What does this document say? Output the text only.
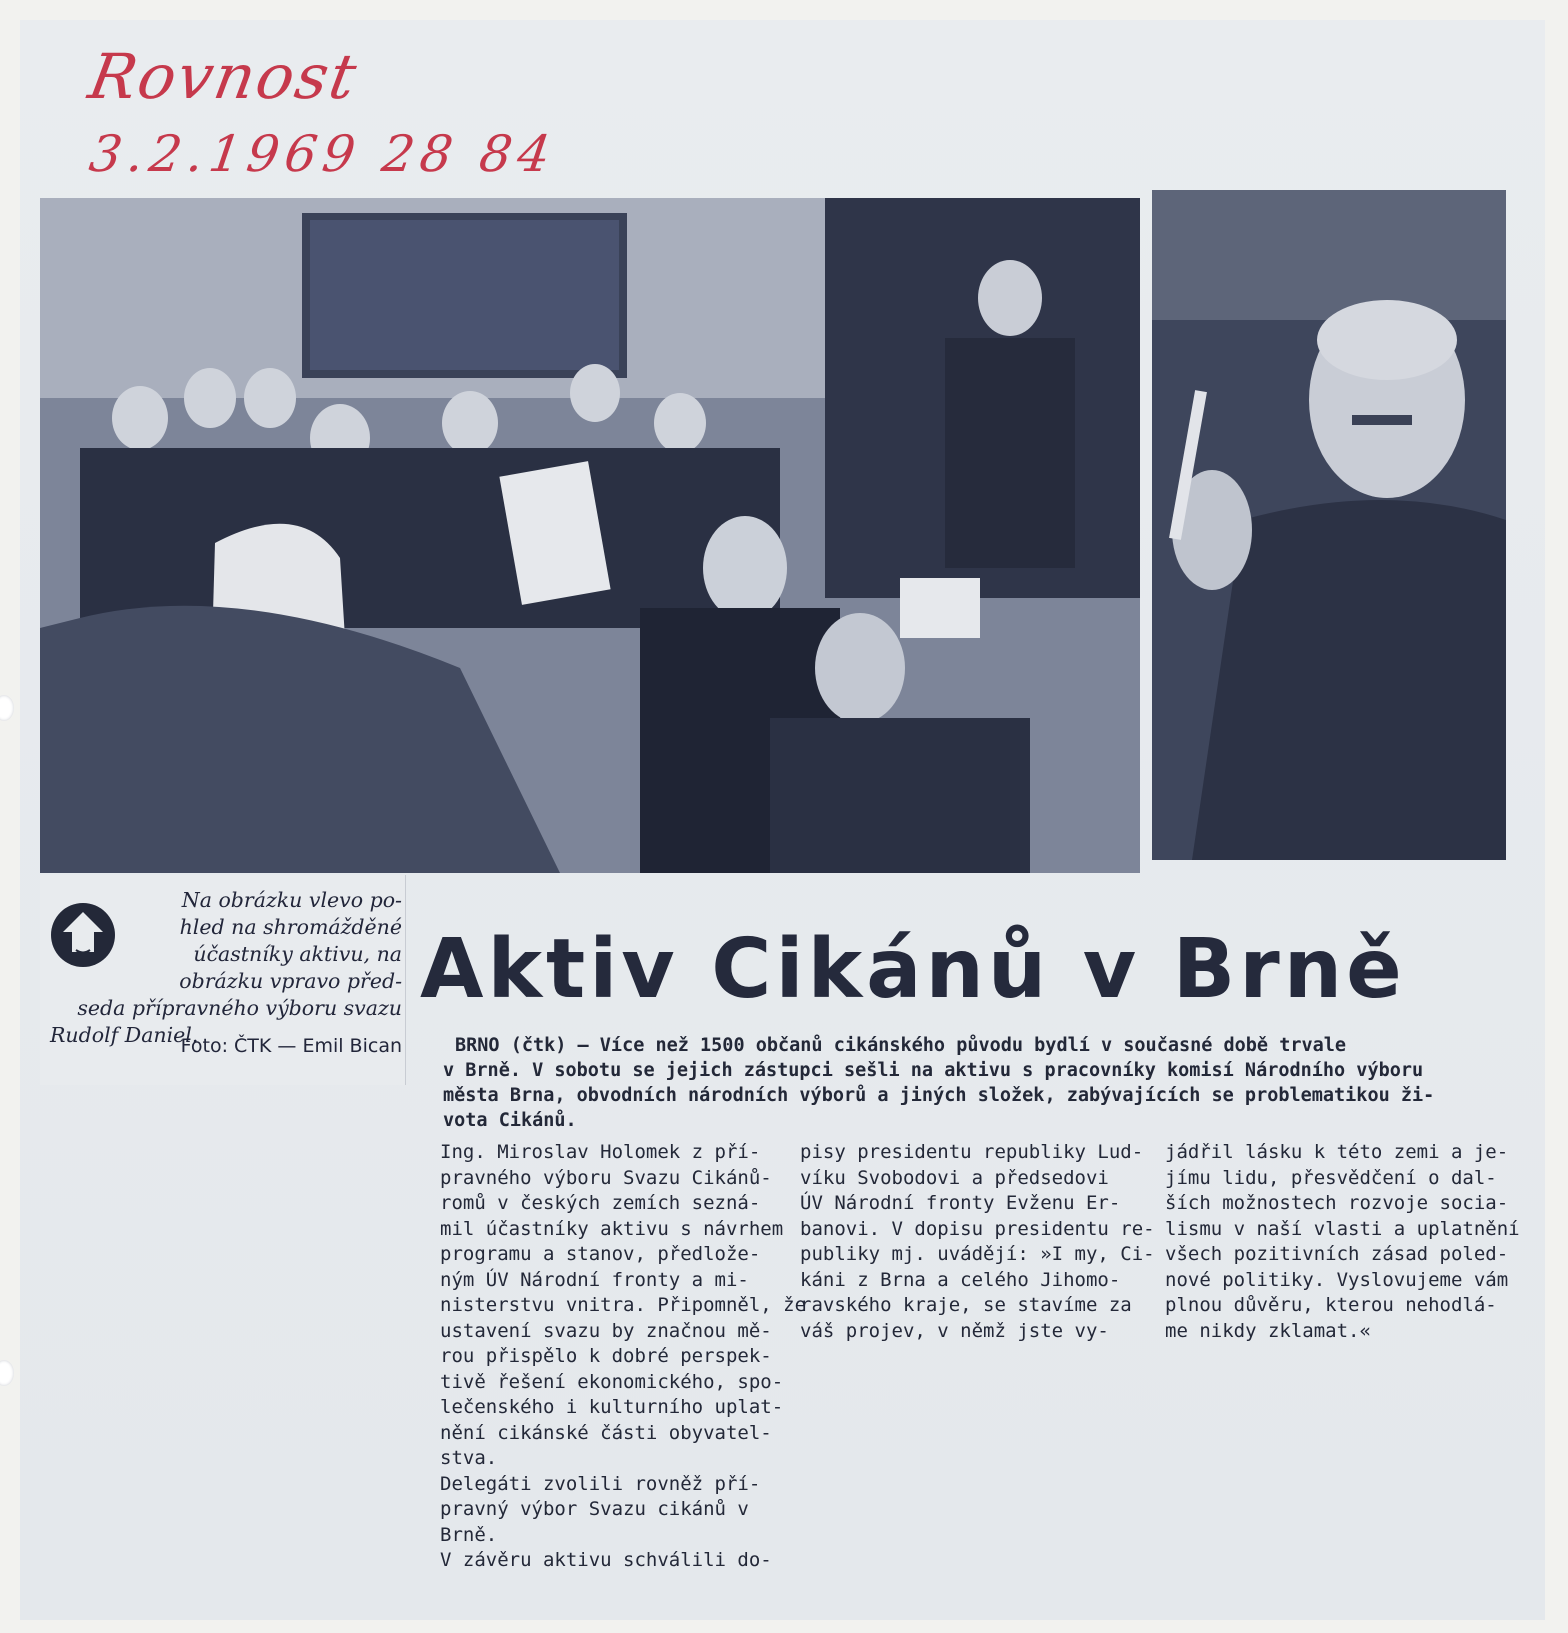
Rovnost
3.2.1969 28 84
Na obrázku vlevo po-
hled na shromážděné
účastníky aktivu, na
obrázku vpravo před-
seda přípravného výboru svazu
Rudolf Daniel.
Foto: ČTK — Emil Bican
Aktiv Cikánů v Brně
BRNO (čtk) — Více než 1500 občanů cikánského původu bydlí v současné době trvale
v Brně. V sobotu se jejich zástupci sešli na aktivu s pracovníky komisí Národního výboru
města Brna, obvodních národních výborů a jiných složek, zabývajících se problematikou ži-
vota Cikánů.
Ing. Miroslav Holomek z pří-
pravného výboru Svazu Cikánů-
romů v českých zemích sezná-
mil účastníky aktivu s návrhem
programu a stanov, předlože-
ným ÚV Národní fronty a mi-
nisterstvu vnitra. Připomněl, že
ustavení svazu by značnou mě-
rou přispělo k dobré perspek-
tivě řešení ekonomického, spo-
lečenského i kulturního uplat-
nění cikánské části obyvatel-
stva.
Delegáti zvolili rovněž pří-
pravný výbor Svazu cikánů v
Brně.
V závěru aktivu schválili do-
pisy presidentu republiky Lud-
víku Svobodovi a předsedovi
ÚV Národní fronty Evženu Er-
banovi. V dopisu presidentu re-
publiky mj. uvádějí: »I my, Ci-
káni z Brna a celého Jihomo-
ravského kraje, se stavíme za
váš projev, v němž jste vy-
jádřil lásku k této zemi a je-
jímu lidu, přesvědčení o dal-
ších možnostech rozvoje socia-
lismu v naší vlasti a uplatnění
všech pozitivních zásad poled-
nové politiky. Vyslovujeme vám
plnou důvěru, kterou nehodlá-
me nikdy zklamat.«
